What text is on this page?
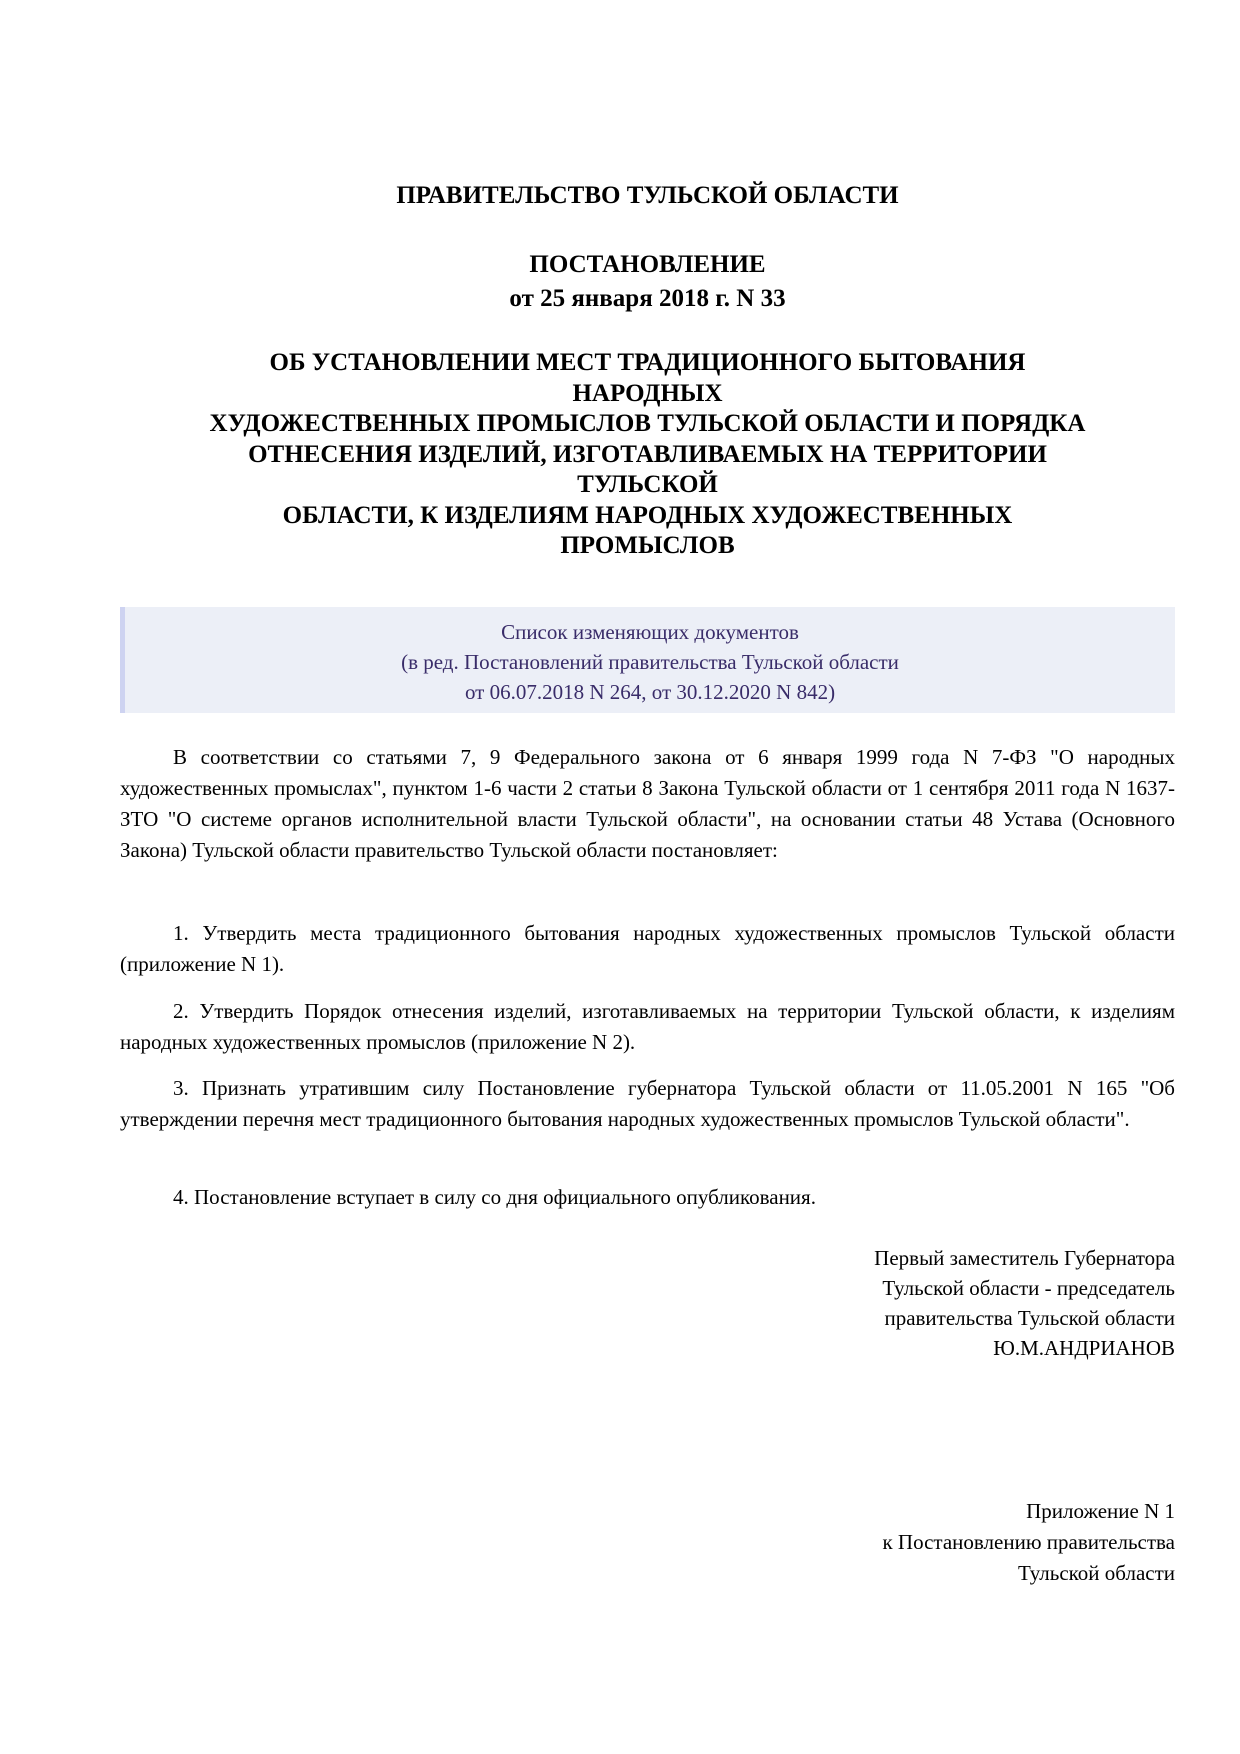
ПРАВИТЕЛЬСТВО ТУЛЬСКОЙ ОБЛАСТИ

ПОСТАНОВЛЕНИЕ

от 25 января 2018 г. N 33

ОБ УСТАНОВЛЕНИИ МЕСТ ТРАДИЦИОННОГО БЫТОВАНИЯ
НАРОДНЫХ
ХУДОЖЕСТВЕННЫХ ПРОМЫСЛОВ ТУЛЬСКОЙ ОБЛАСТИ И ПОРЯДКА
ОТНЕСЕНИЯ ИЗДЕЛИЙ, ИЗГОТАВЛИВАЕМЫХ НА ТЕРРИТОРИИ
ТУЛЬСКОЙ
ОБЛАСТИ, К ИЗДЕЛИЯМ НАРОДНЫХ ХУДОЖЕСТВЕННЫХ
ПРОМЫСЛОВ

Список изменяющих документов
(в ред. Постановлений правительства Тульской области
от 06.07.2018 N 264, от 30.12.2020 N 842)

В соответствии со статьями 7, 9 Федерального закона от 6 января 1999 года N 7-ФЗ "О народных художественных промыслах", пунктом 1-6 части 2 статьи 8 Закона Тульской области от 1 сентября 2011 года N 1637-ЗТО "О системе органов исполнительной власти Тульской области", на основании статьи 48 Устава (Основного Закона) Тульской области правительство Тульской области постановляет:

1. Утвердить места традиционного бытования народных художественных промыслов Тульской области (приложение N 1).

2. Утвердить Порядок отнесения изделий, изготавливаемых на территории Тульской области, к изделиям народных художественных промыслов (приложение N 2).

3. Признать утратившим силу Постановление губернатора Тульской области от 11.05.2001 N 165 "Об утверждении перечня мест традиционного бытования народных художественных промыслов Тульской области".

4. Постановление вступает в силу со дня официального опубликования.

Первый заместитель Губернатора
Тульской области - председатель
правительства Тульской области
Ю.М.АНДРИАНОВ
Приложение N 1
к Постановлению правительства
Тульской области
